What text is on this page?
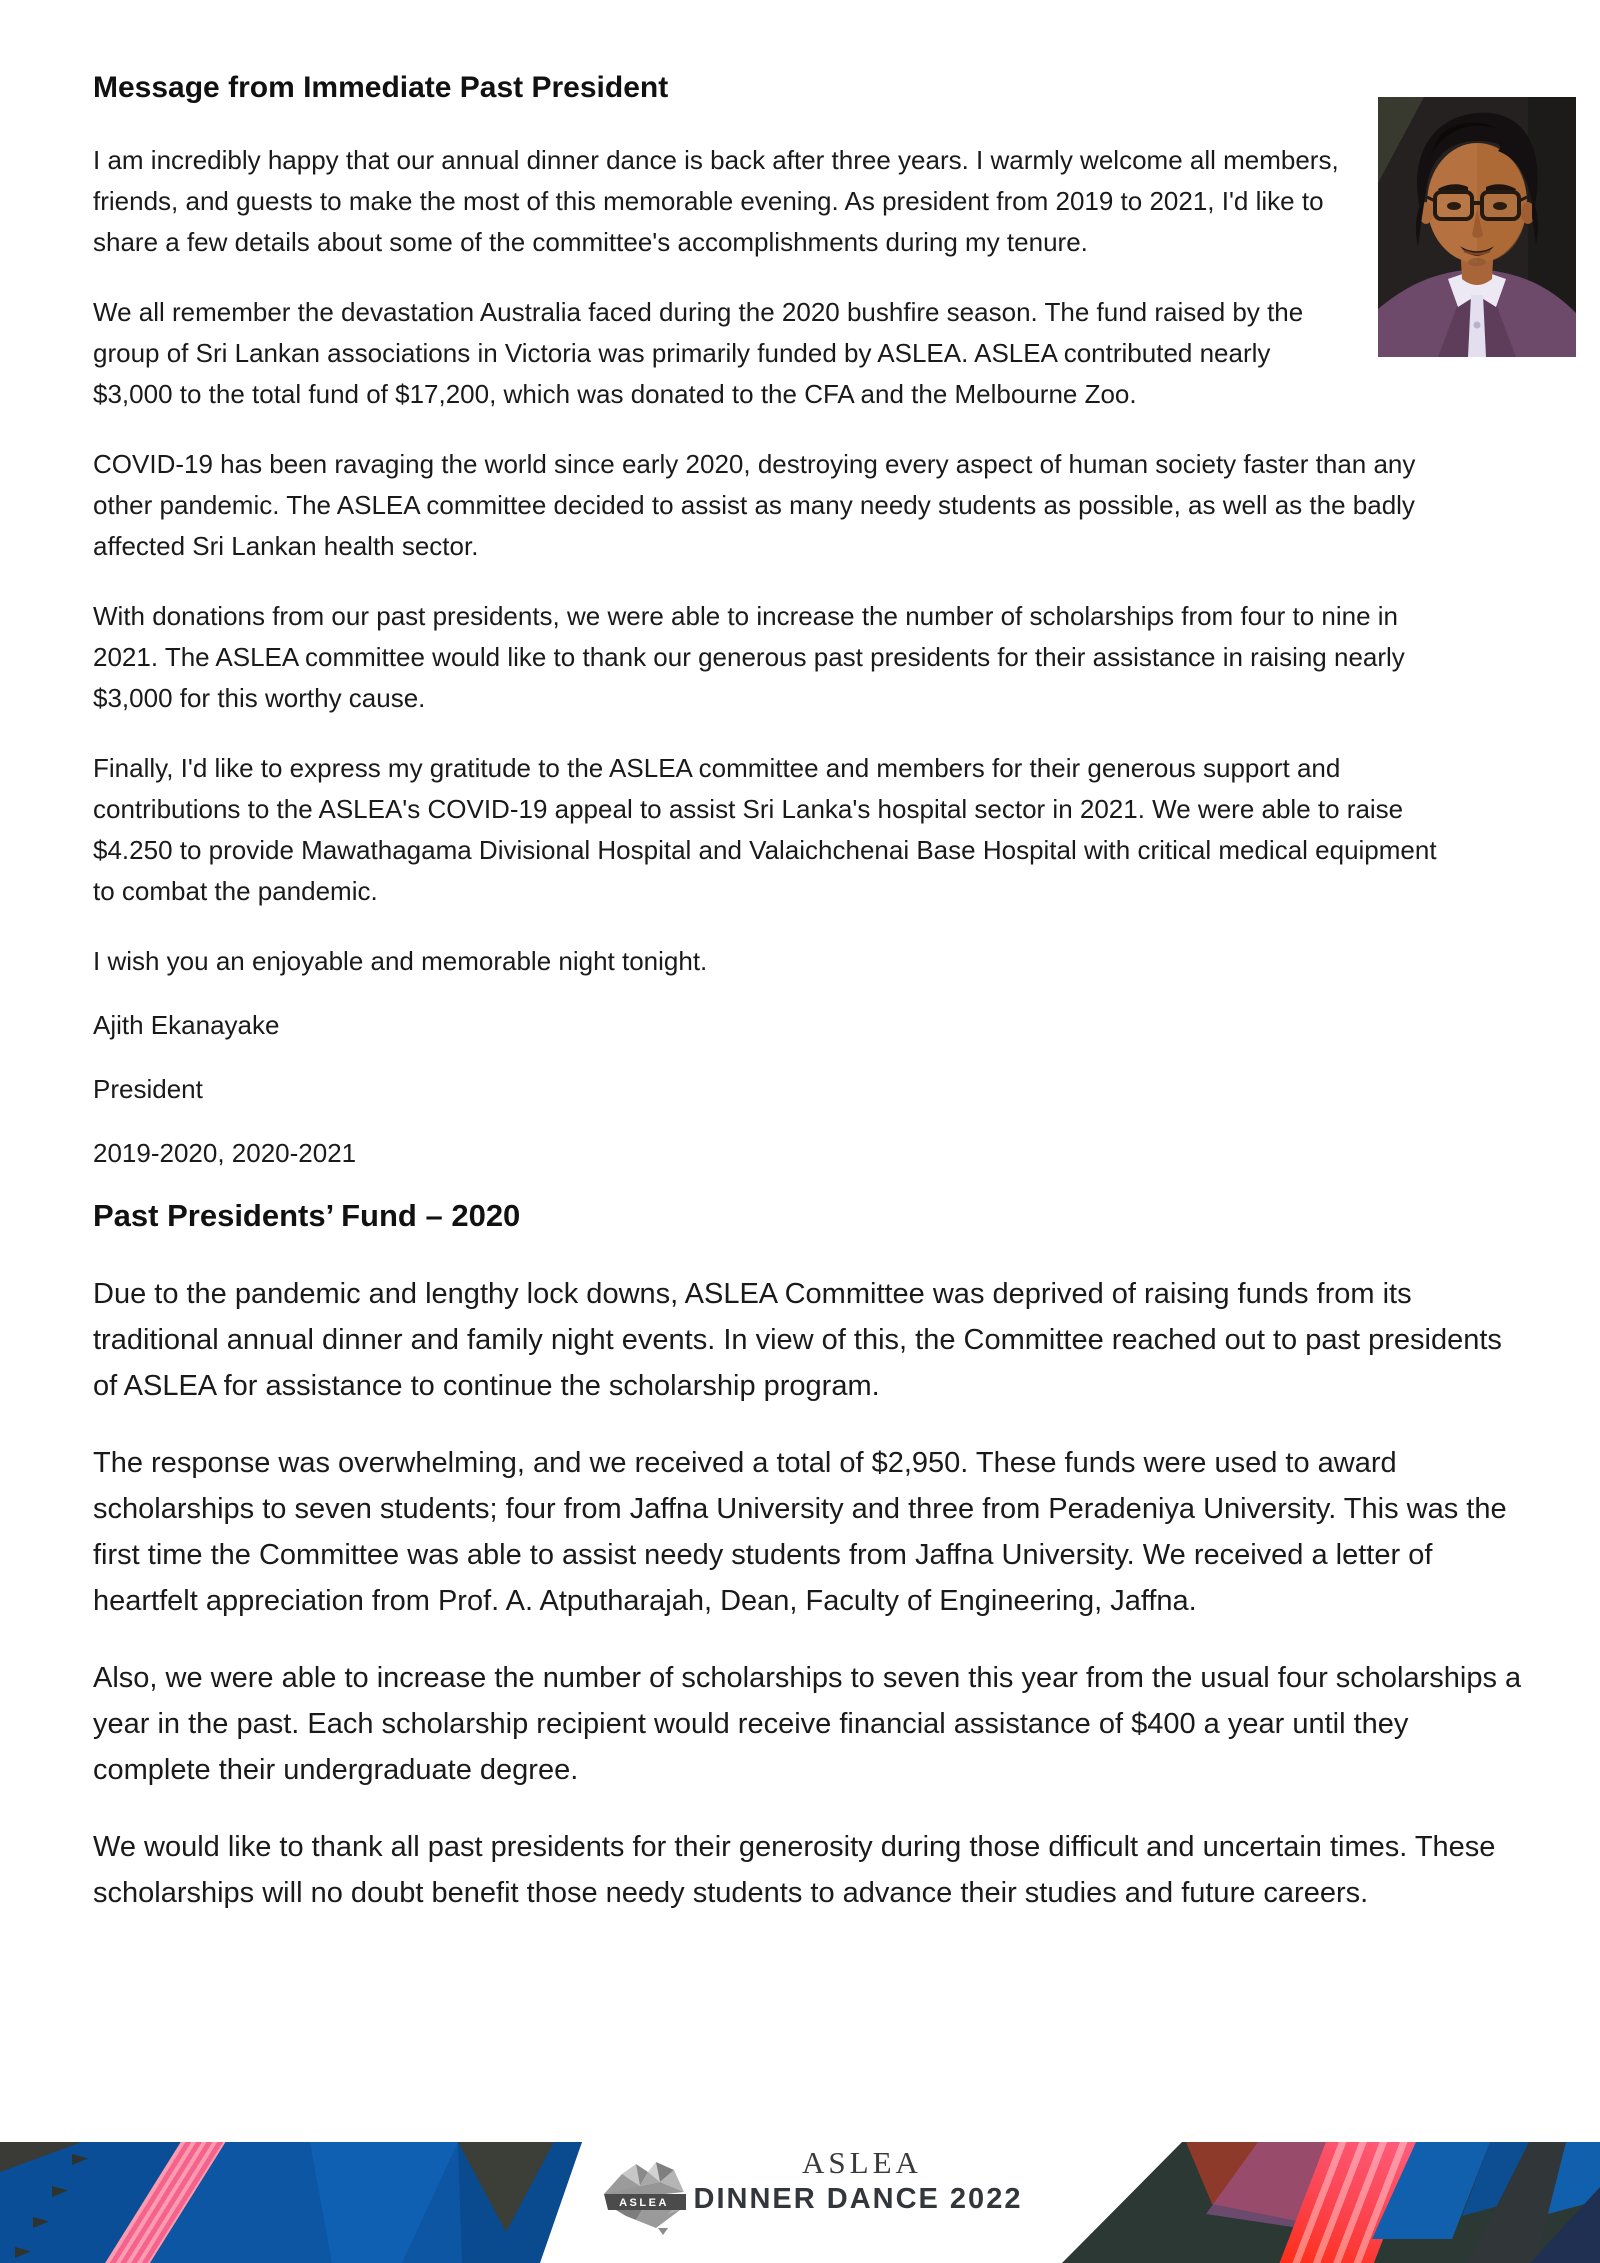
Message from Immediate Past President

I am incredibly happy that our annual dinner dance is back after three years. I warmly welcome all members, friends, and guests to make the most of this memorable evening. As president from 2019 to 2021, I'd like to share a few details about some of the committee's accomplishments during my tenure.

We all remember the devastation Australia faced during the 2020 bushfire season. The fund raised by the group of Sri Lankan associations in Victoria was primarily funded by ASLEA. ASLEA contributed nearly $3,000 to the total fund of $17,200, which was donated to the CFA and the Melbourne Zoo.

COVID-19 has been ravaging the world since early 2020, destroying every aspect of human society faster than any other pandemic. The ASLEA committee decided to assist as many needy students as possible, as well as the badly affected Sri Lankan health sector.

With donations from our past presidents, we were able to increase the number of scholarships from four to nine in 2021. The ASLEA committee would like to thank our generous past presidents for their assistance in raising nearly $3,000 for this worthy cause.

Finally, I'd like to express my gratitude to the ASLEA committee and members for their generous support and contributions to the ASLEA's COVID-19 appeal to assist Sri Lanka's hospital sector in 2021. We were able to raise $4.250 to provide Mawathagama Divisional Hospital and Valaichchenai Base Hospital with critical medical equipment to combat the pandemic.

I wish you an enjoyable and memorable night tonight.

Ajith Ekanayake

President

2019-2020, 2020-2021

Past Presidents’ Fund – 2020

Due to the pandemic and lengthy lock downs, ASLEA Committee was deprived of raising funds from its traditional annual dinner and family night events. In view of this, the Committee reached out to past presidents of ASLEA for assistance to continue the scholarship program.

The response was overwhelming, and we received a total of $2,950. These funds were used to award scholarships to seven students; four from Jaffna University and three from Peradeniya University. This was the first time the Committee was able to assist needy students from Jaffna University. We received a letter of heartfelt appreciation from Prof. A. Atputharajah, Dean, Faculty of Engineering, Jaffna.

Also, we were able to increase the number of scholarships to seven this year from the usual four scholarships a year in the past. Each scholarship recipient would receive financial assistance of $400 a year until they complete their undergraduate degree.

We would like to thank all past presidents for their generosity during those difficult and uncertain times. These scholarships will no doubt benefit those needy students to advance their studies and future careers.

ASLEA
ASLEA
DINNER DANCE 2022
